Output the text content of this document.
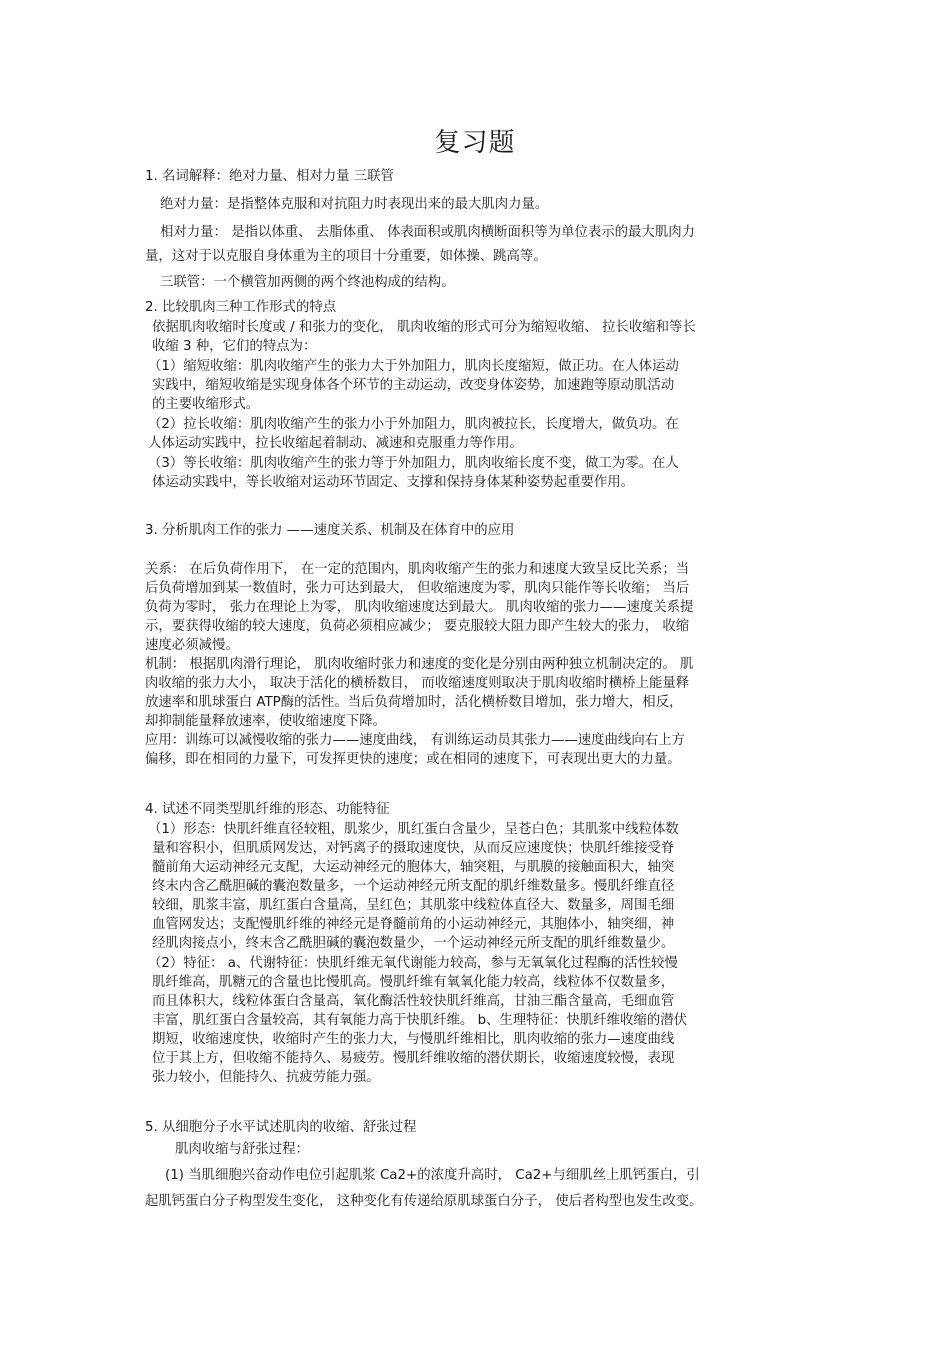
复习题
1. 名词解释：绝对力量、相对力量 三联管
绝对力量：是指整体克服和对抗阻力时表现出来的最大肌肉力量。
相对力量： 是指以体重、 去脂体重、 体表面积或肌肉横断面积等为单位表示的最大肌肉力
量，这对于以克服自身体重为主的项目十分重要，如体操、跳高等。
三联管：一个横管加两侧的两个终池构成的结构。
2. 比较肌肉三种工作形式的特点
依据肌肉收缩时长度或 / 和张力的变化， 肌肉收缩的形式可分为缩短收缩、 拉长收缩和等长
收缩 3 种，它们的特点为：
（1）缩短收缩：肌肉收缩产生的张力大于外加阻力，肌肉长度缩短，做正功。在人体运动
实践中，缩短收缩是实现身体各个环节的主动运动，改变身体姿势，加速跑等原动肌活动
的主要收缩形式。
（2）拉长收缩：肌肉收缩产生的张力小于外加阻力，肌肉被拉长，长度增大，做负功。在
人体运动实践中，拉长收缩起着制动、减速和克服重力等作用。
（3）等长收缩：肌肉收缩产生的张力等于外加阻力，肌肉收缩长度不变，做工为零。在人
体运动实践中，等长收缩对运动环节固定、支撑和保持身体某种姿势起重要作用。
3. 分析肌肉工作的张力 ——速度关系、机制及在体育中的应用
关系： 在后负荷作用下， 在一定的范围内，肌肉收缩产生的张力和速度大致呈反比关系；当
后负荷增加到某一数值时，张力可达到最大， 但收缩速度为零，肌肉只能作等长收缩； 当后
负荷为零时， 张力在理论上为零， 肌肉收缩速度达到最大。 肌肉收缩的张力——速度关系提
示，要获得收缩的较大速度，负荷必须相应减少； 要克服较大阻力即产生较大的张力， 收缩
速度必须减慢。
机制： 根据肌肉滑行理论， 肌肉收缩时张力和速度的变化是分别由两种独立机制决定的。 肌
肉收缩的张力大小， 取决于活化的横桥数目， 而收缩速度则取决于肌肉收缩时横桥上能量释
放速率和肌球蛋白 ATP酶的活性。当后负荷增加时，活化横桥数目增加，张力增大，相反，
却抑制能量释放速率，使收缩速度下降。
应用：训练可以减慢收缩的张力——速度曲线， 有训练运动员其张力——速度曲线向右上方
偏移，即在相同的力量下，可发挥更快的速度；或在相同的速度下，可表现出更大的力量。
4. 试述不同类型肌纤维的形态、功能特征
（1）形态：快肌纤维直径较粗，肌浆少，肌红蛋白含量少，呈苍白色；其肌浆中线粒体数
量和容积小，但肌质网发达，对钙离子的摄取速度快，从而反应速度快；快肌纤维接受脊
髓前角大运动神经元支配，大运动神经元的胞体大，轴突粗，与肌膜的接触面积大，轴突
终末内含乙酰胆碱的囊泡数量多，一个运动神经元所支配的肌纤维数量多。慢肌纤维直径
较细，肌浆丰富，肌红蛋白含量高，呈红色；其肌浆中线粒体直径大、数量多，周围毛细
血管网发达；支配慢肌纤维的神经元是脊髓前角的小运动神经元，其胞体小，轴突细，神
经肌肉接点小，终末含乙酰胆碱的囊泡数量少，一个运动神经元所支配的肌纤维数量少。
（2）特征： a、代谢特征：快肌纤维无氧代谢能力较高，参与无氧氧化过程酶的活性较慢
肌纤维高，肌糖元的含量也比慢肌高。慢肌纤维有氧氧化能力较高，线粒体不仅数量多，
而且体积大，线粒体蛋白含量高，氧化酶活性较快肌纤维高，甘油三酯含量高，毛细血管
丰富，肌红蛋白含量较高，其有氧能力高于快肌纤维。 b、生理特征：快肌纤维收缩的潜伏
期短，收缩速度快，收缩时产生的张力大，与慢肌纤维相比，肌肉收缩的张力—速度曲线
位于其上方，但收缩不能持久、易疲劳。慢肌纤维收缩的潜伏期长，收缩速度较慢，表现
张力较小，但能持久、抗疲劳能力强。
5. 从细胞分子水平试述肌肉的收缩、舒张过程
肌肉收缩与舒张过程：
(1) 当肌细胞兴奋动作电位引起肌浆 Ca2+的浓度升高时， Ca2+与细肌丝上肌钙蛋白，引
起肌钙蛋白分子构型发生变化， 这种变化有传递给原肌球蛋白分子， 使后者构型也发生改变。
